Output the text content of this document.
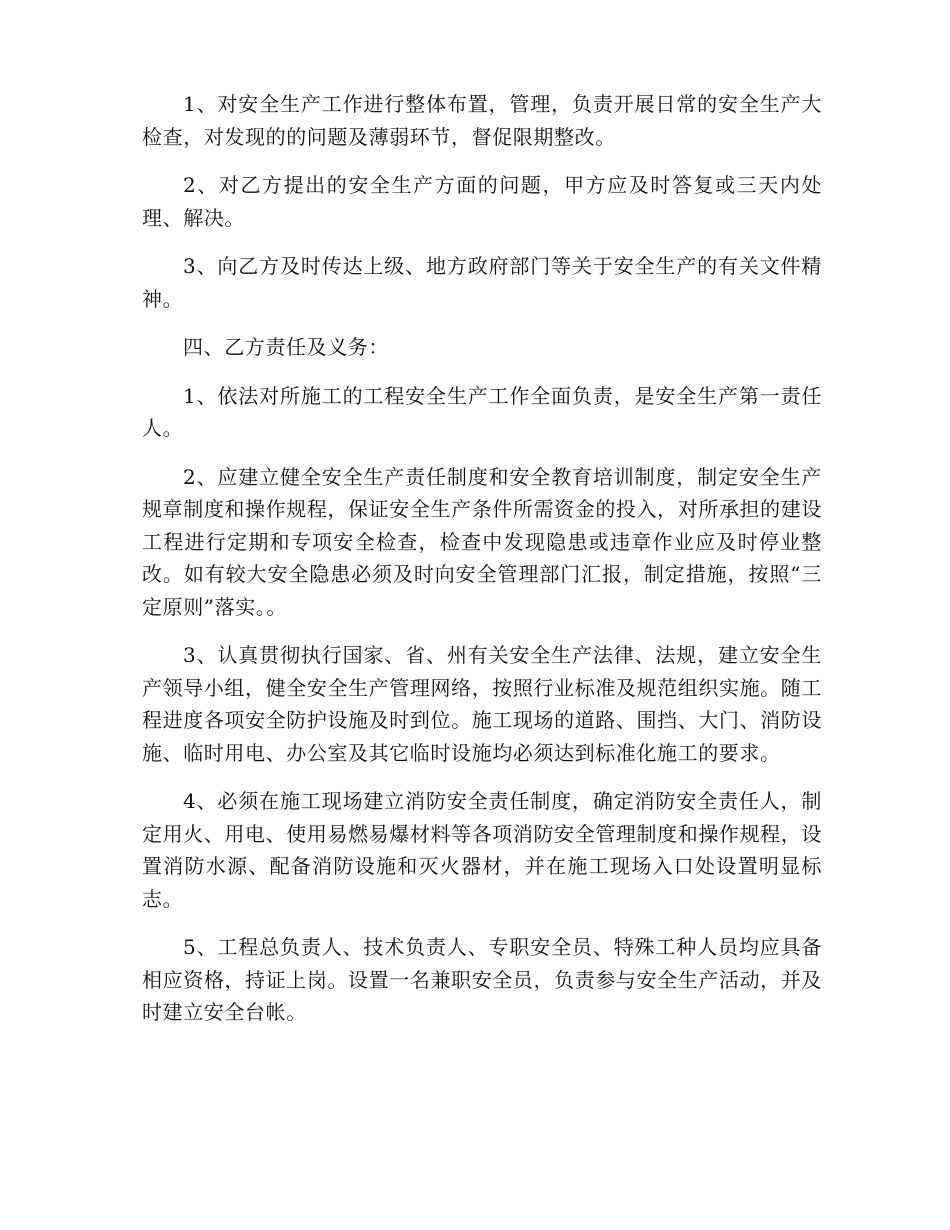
1、对安全生产工作进行整体布置，管理，负责开展日常的安全生产大检查，对发现的的问题及薄弱环节，督促限期整改。

2、对乙方提出的安全生产方面的问题，甲方应及时答复或三天内处理、解决。

3、向乙方及时传达上级、地方政府部门等关于安全生产的有关文件精神。

四、乙方责任及义务：

1、依法对所施工的工程安全生产工作全面负责，是安全生产第一责任人。

2、应建立健全安全生产责任制度和安全教育培训制度，制定安全生产规章制度和操作规程，保证安全生产条件所需资金的投入，对所承担的建设工程进行定期和专项安全检查，检查中发现隐患或违章作业应及时停业整改。如有较大安全隐患必须及时向安全管理部门汇报，制定措施，按照“三定原则”落实。。

3、认真贯彻执行国家、省、州有关安全生产法律、法规，建立安全生产领导小组，健全安全生产管理网络，按照行业标准及规范组织实施。随工程进度各项安全防护设施及时到位。施工现场的道路、围挡、大门、消防设施、临时用电、办公室及其它临时设施均必须达到标准化施工的要求。

4、必须在施工现场建立消防安全责任制度，确定消防安全责任人，制定用火、用电、使用易燃易爆材料等各项消防安全管理制度和操作规程，设置消防水源、配备消防设施和灭火器材，并在施工现场入口处设置明显标志。

5、工程总负责人、技术负责人、专职安全员、特殊工种人员均应具备相应资格，持证上岗。设置一名兼职安全员，负责参与安全生产活动，并及时建立安全台帐。
